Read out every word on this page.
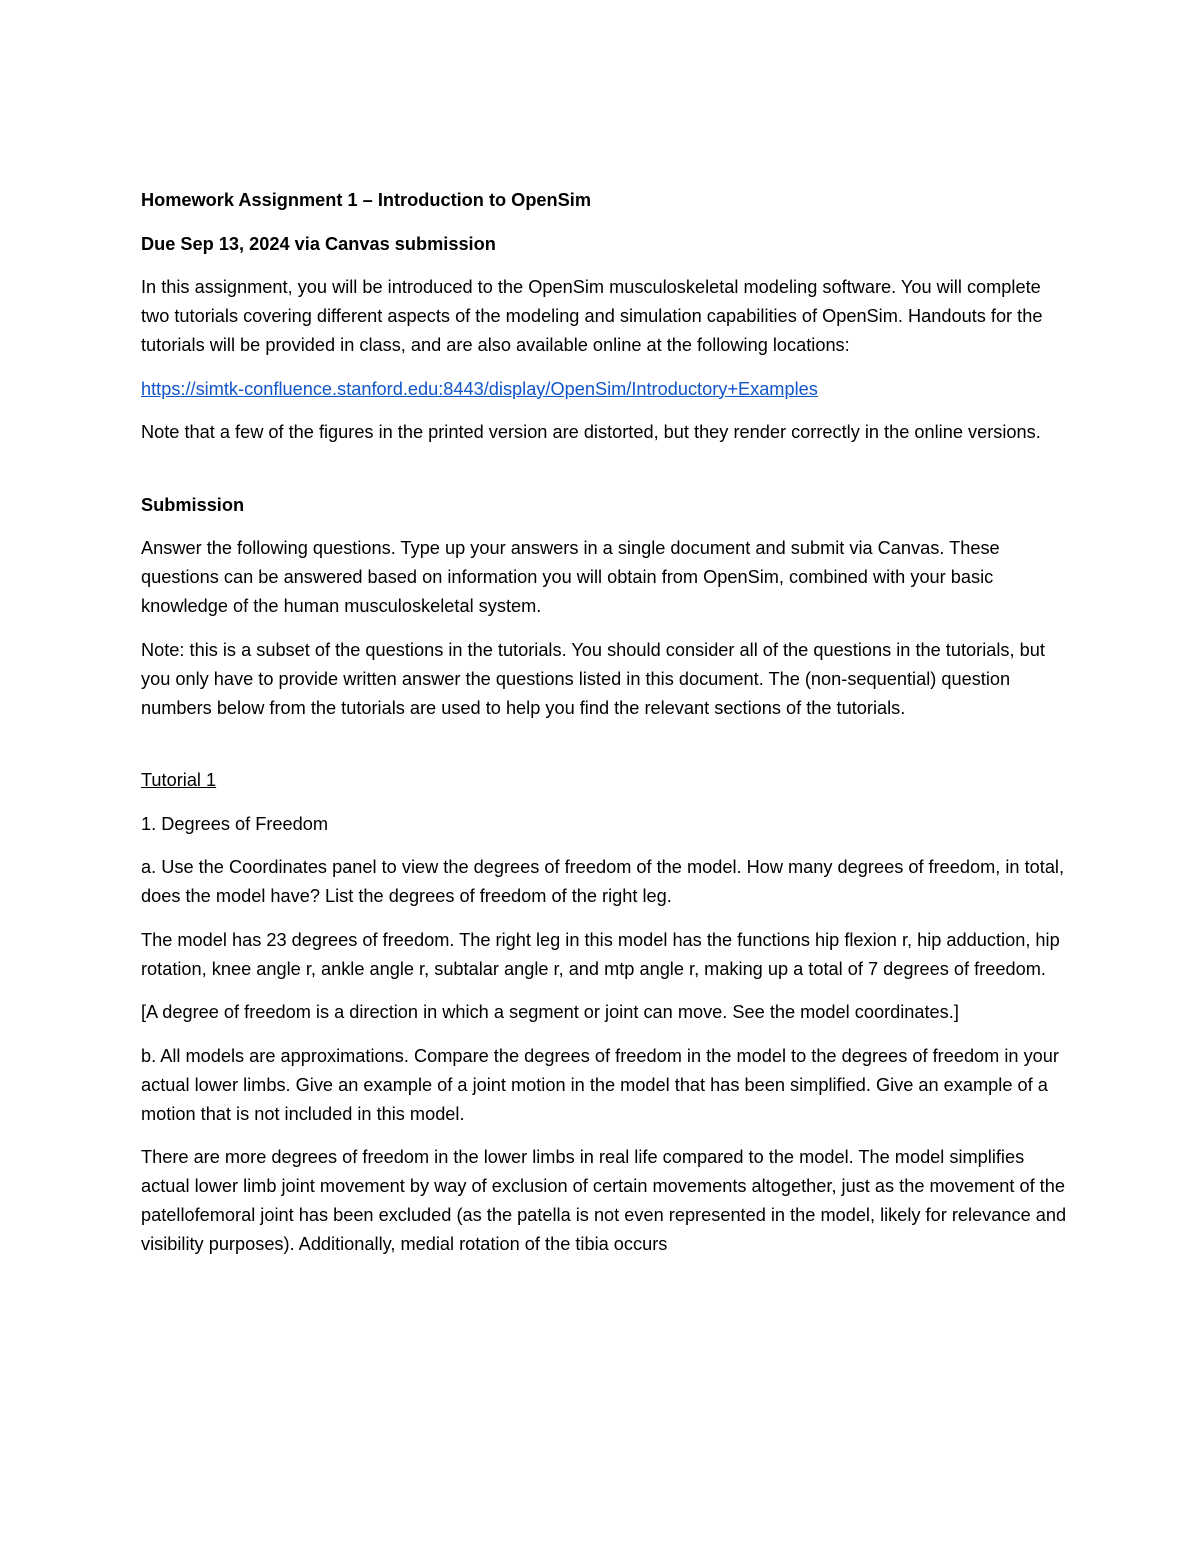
Homework Assignment 1 – Introduction to OpenSim

Due Sep 13, 2024 via Canvas submission

In this assignment, you will be introduced to the OpenSim musculoskeletal modeling software. You will complete two tutorials covering different aspects of the modeling and simulation capabilities of OpenSim. Handouts for the tutorials will be provided in class, and are also available online at the following locations:

https://simtk-confluence.stanford.edu:8443/display/OpenSim/Introductory+Examples

Note that a few of the figures in the printed version are distorted, but they render correctly in the online versions.

Submission

Answer the following questions. Type up your answers in a single document and submit via Canvas. These questions can be answered based on information you will obtain from OpenSim, combined with your basic knowledge of the human musculoskeletal system.

Note: this is a subset of the questions in the tutorials. You should consider all of the questions in the tutorials, but you only have to provide written answer the questions listed in this document. The (non-sequential) question numbers below from the tutorials are used to help you find the relevant sections of the tutorials.

Tutorial 1

1. Degrees of Freedom

a. Use the Coordinates panel to view the degrees of freedom of the model. How many degrees of freedom, in total, does the model have? List the degrees of freedom of the right leg.

The model has 23 degrees of freedom. The right leg in this model has the functions hip flexion r, hip adduction, hip rotation, knee angle r, ankle angle r, subtalar angle r, and mtp angle r, making up a total of 7 degrees of freedom.

[A degree of freedom is a direction in which a segment or joint can move. See the model coordinates.]

b. All models are approximations. Compare the degrees of freedom in the model to the degrees of freedom in your actual lower limbs. Give an example of a joint motion in the model that has been simplified. Give an example of a motion that is not included in this model.

There are more degrees of freedom in the lower limbs in real life compared to the model. The model simplifies actual lower limb joint movement by way of exclusion of certain movements altogether, just as the movement of the patellofemoral joint has been excluded (as the patella is not even represented in the model, likely for relevance and visibility purposes). Additionally, medial rotation of the tibia occurs
